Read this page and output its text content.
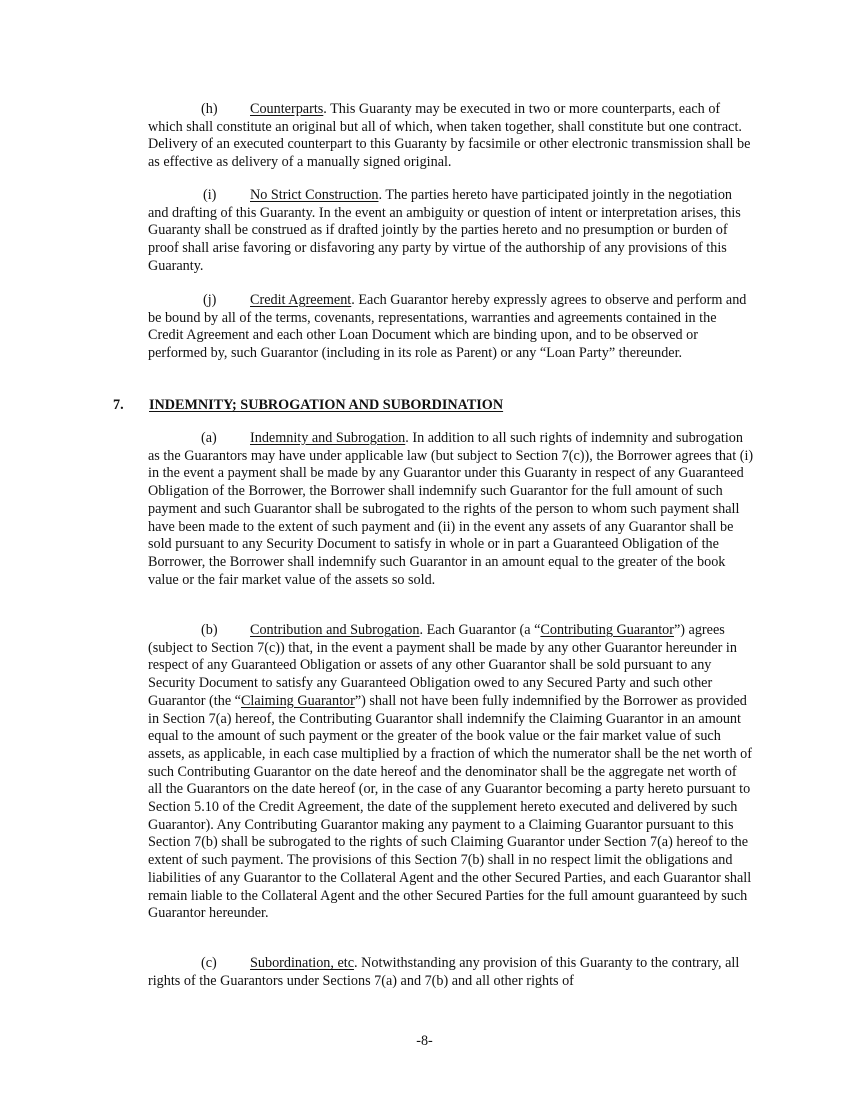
(h) Counterparts. This Guaranty may be executed in two or more counterparts, each of which shall constitute an original but all of which, when taken together, shall constitute but one contract. Delivery of an executed counterpart to this Guaranty by facsimile or other electronic transmission shall be as effective as delivery of a manually signed original.

(i) No Strict Construction. The parties hereto have participated jointly in the negotiation and drafting of this Guaranty. In the event an ambiguity or question of intent or interpretation arises, this Guaranty shall be construed as if drafted jointly by the parties hereto and no presumption or burden of proof shall arise favoring or disfavoring any party by virtue of the authorship of any provisions of this Guaranty.

(j) Credit Agreement. Each Guarantor hereby expressly agrees to observe and perform and be bound by all of the terms, covenants, representations, warranties and agreements contained in the Credit Agreement and each other Loan Document which are binding upon, and to be observed or performed by, such Guarantor (including in its role as Parent) or any “Loan Party” thereunder.

7. INDEMNITY; SUBROGATION AND SUBORDINATION

(a) Indemnity and Subrogation. In addition to all such rights of indemnity and subrogation as the Guarantors may have under applicable law (but subject to Section 7(c)), the Borrower agrees that (i) in the event a payment shall be made by any Guarantor under this Guaranty in respect of any Guaranteed Obligation of the Borrower, the Borrower shall indemnify such Guarantor for the full amount of such payment and such Guarantor shall be subrogated to the rights of the person to whom such payment shall have been made to the extent of such payment and (ii) in the event any assets of any Guarantor shall be sold pursuant to any Security Document to satisfy in whole or in part a Guaranteed Obligation of the Borrower, the Borrower shall indemnify such Guarantor in an amount equal to the greater of the book value or the fair market value of the assets so sold.

(b) Contribution and Subrogation. Each Guarantor (a “Contributing Guarantor”) agrees (subject to Section 7(c)) that, in the event a payment shall be made by any other Guarantor hereunder in respect of any Guaranteed Obligation or assets of any other Guarantor shall be sold pursuant to any Security Document to satisfy any Guaranteed Obligation owed to any Secured Party and such other Guarantor (the “Claiming Guarantor”) shall not have been fully indemnified by the Borrower as provided in Section 7(a) hereof, the Contributing Guarantor shall indemnify the Claiming Guarantor in an amount equal to the amount of such payment or the greater of the book value or the fair market value of such assets, as applicable, in each case multiplied by a fraction of which the numerator shall be the net worth of such Contributing Guarantor on the date hereof and the denominator shall be the aggregate net worth of all the Guarantors on the date hereof (or, in the case of any Guarantor becoming a party hereto pursuant to Section 5.10 of the Credit Agreement, the date of the supplement hereto executed and delivered by such Guarantor). Any Contributing Guarantor making any payment to a Claiming Guarantor pursuant to this Section 7(b) shall be subrogated to the rights of such Claiming Guarantor under Section 7(a) hereof to the extent of such payment. The provisions of this Section 7(b) shall in no respect limit the obligations and liabilities of any Guarantor to the Collateral Agent and the other Secured Parties, and each Guarantor shall remain liable to the Collateral Agent and the other Secured Parties for the full amount guaranteed by such Guarantor hereunder.

(c) Subordination, etc. Notwithstanding any provision of this Guaranty to the contrary, all rights of the Guarantors under Sections 7(a) and 7(b) and all other rights of

-8-
